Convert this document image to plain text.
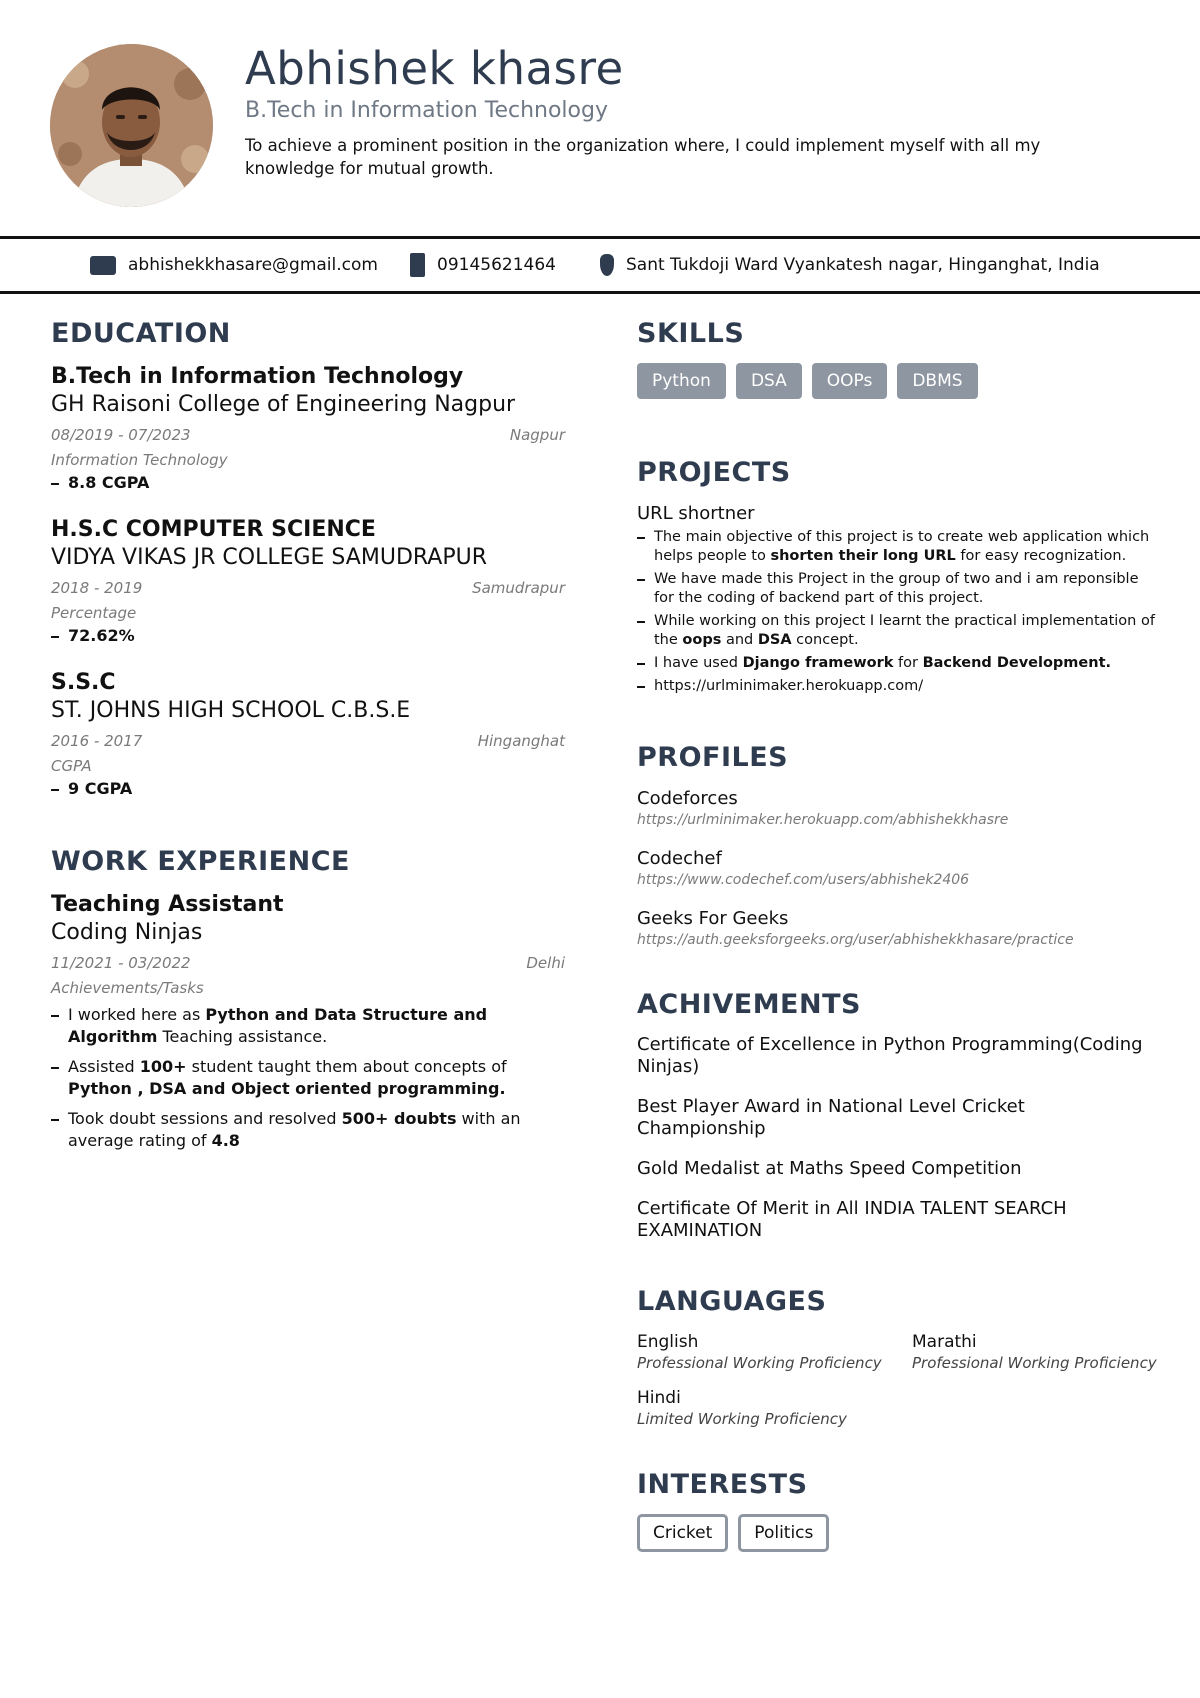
Abhishek khasre
B.Tech in Information Technology
To achieve a prominent position in the organization where, I could implement myself with all my knowledge for mutual growth.
abhishekkhasare@gmail.com	09145621464	Sant Tukdoji Ward Vyankatesh nagar, Hinganghat, India
EDUCATION
B.Tech in Information Technology
GH Raisoni College of Engineering Nagpur
08/2019 - 07/2023	Nagpur
Information Technology
8.8 CGPA
H.S.C COMPUTER SCIENCE
VIDYA VIKAS JR COLLEGE SAMUDRAPUR
2018 - 2019	Samudrapur
Percentage
72.62%
S.S.C
ST. JOHNS HIGH SCHOOL C.B.S.E
2016 - 2017	Hinganghat
CGPA
9 CGPA
WORK EXPERIENCE
Teaching Assistant
Coding Ninjas
11/2021 - 03/2022	Delhi
Achievements/Tasks
I worked here as Python and Data Structure and Algorithm Teaching assistance.
Assisted 100+ student taught them about concepts of Python , DSA and Object oriented programming.
Took doubt sessions and resolved 500+ doubts with an average rating of 4.8
SKILLS
Python	DSA	OOPs	DBMS
PROJECTS
URL shortner
The main objective of this project is to create web application which helps people to shorten their long URL for easy recognization.
We have made this Project in the group of two and i am reponsible for the coding of backend part of this project.
While working on this project I learnt the practical implementation of the oops and DSA concept.
I have used Django framework for Backend Development.
https://urlminimaker.herokuapp.com/
PROFILES
Codeforces
https://urlminimaker.herokuapp.com/abhishekkhasre
Codechef
https://www.codechef.com/users/abhishek2406
Geeks For Geeks
https://auth.geeksforgeeks.org/user/abhishekkhasare/practice
ACHIVEMENTS
Certificate of Excellence in Python Programming(Coding Ninjas)
Best Player Award in National Level Cricket Championship
Gold Medalist at Maths Speed Competition
Certificate Of Merit in All INDIA TALENT SEARCH EXAMINATION
LANGUAGES
English
Professional Working Proficiency
Marathi
Professional Working Proficiency
Hindi
Limited Working Proficiency
INTERESTS
Cricket	Politics
